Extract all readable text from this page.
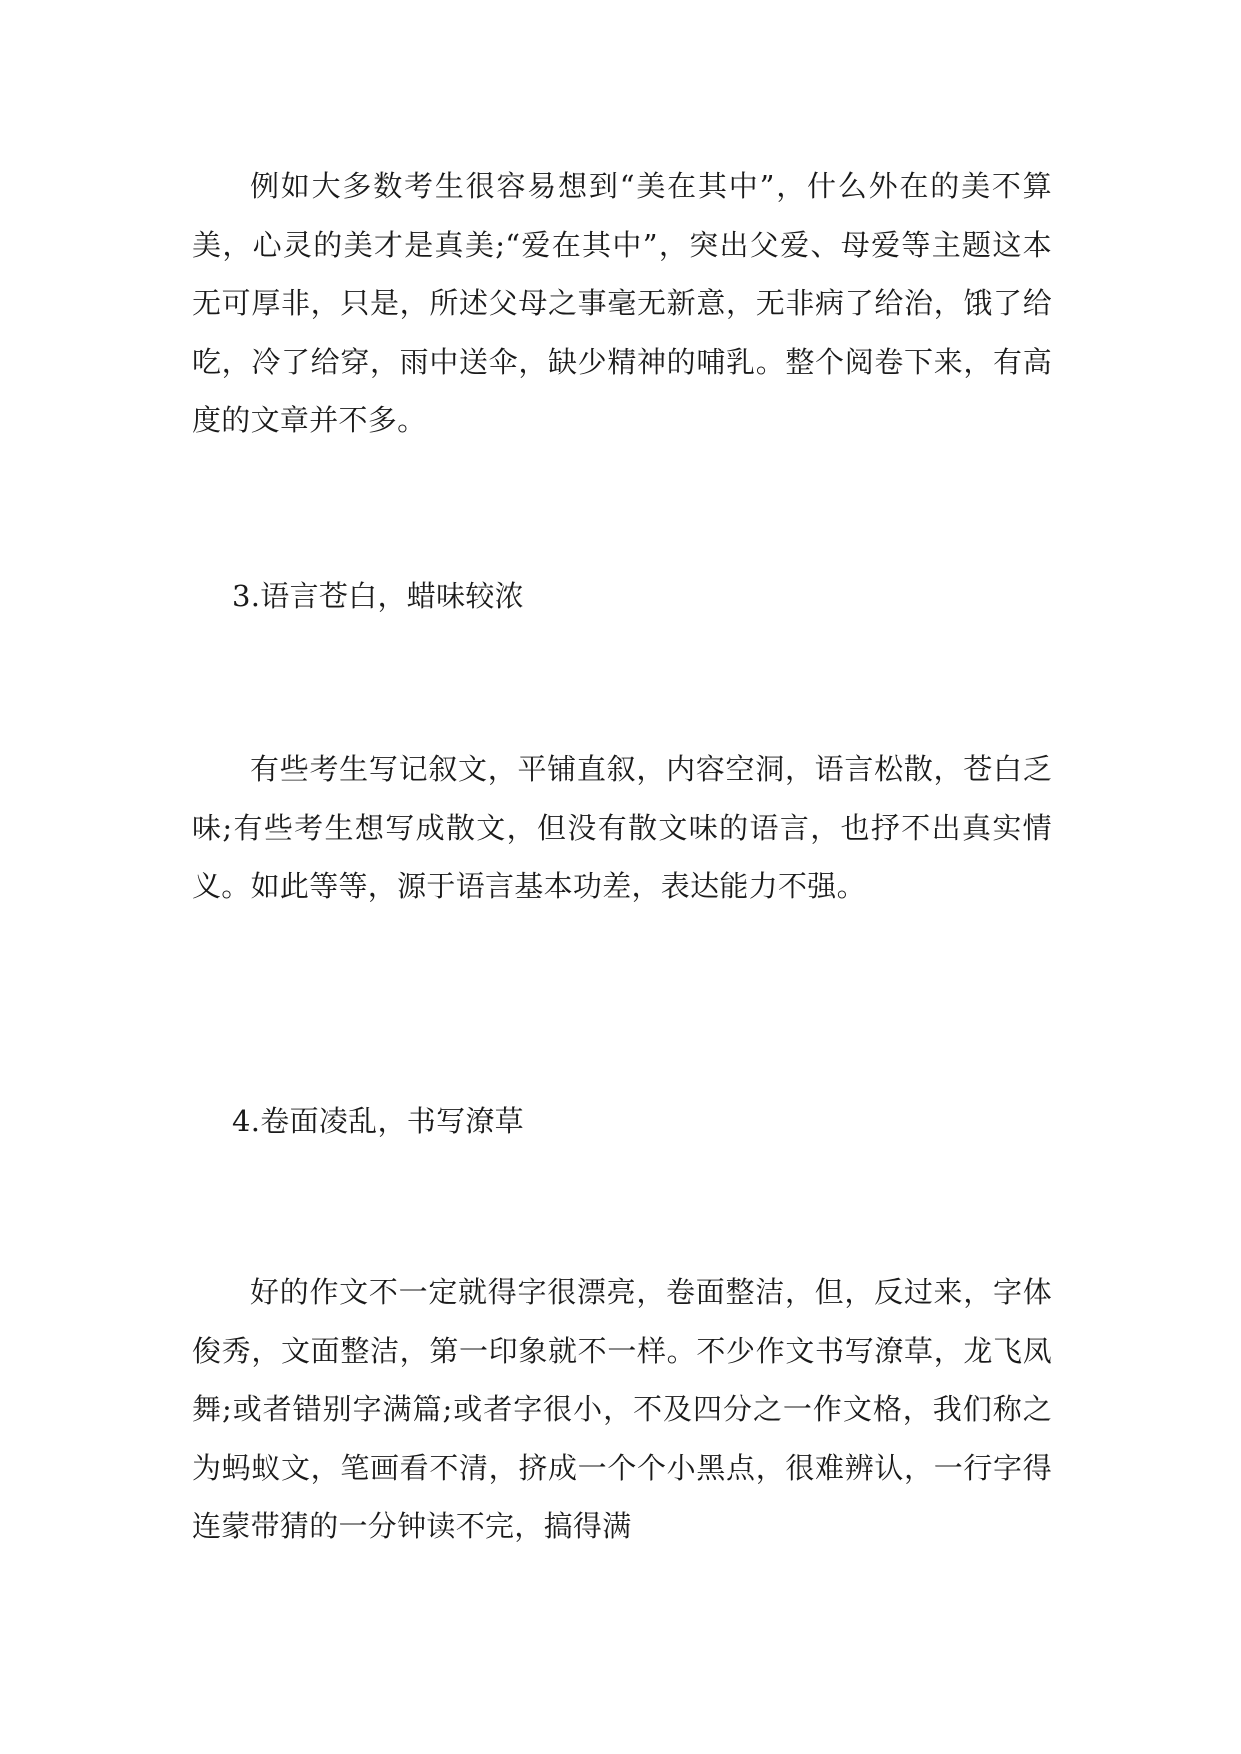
例如大多数考生很容易想到“美在其中”，什么外在的美不算美，心灵的美才是真美;“爱在其中”，突出父爱、母爱等主题这本无可厚非，只是，所述父母之事毫无新意，无非病了给治，饿了给吃，冷了给穿，雨中送伞，缺少精神的哺乳。整个阅卷下来，有高度的文章并不多。

3.语言苍白，蜡味较浓

有些考生写记叙文，平铺直叙，内容空洞，语言松散，苍白乏味;有些考生想写成散文，但没有散文味的语言，也抒不出真实情义。如此等等，源于语言基本功差，表达能力不强。

4.卷面凌乱，书写潦草

好的作文不一定就得字很漂亮，卷面整洁，但，反过来，字体俊秀，文面整洁，第一印象就不一样。不少作文书写潦草，龙飞凤舞;或者错别字满篇;或者字很小，不及四分之一作文格，我们称之为蚂蚁文，笔画看不清，挤成一个个小黑点，很难辨认，一行字得连蒙带猜的一分钟读不完，搞得满
